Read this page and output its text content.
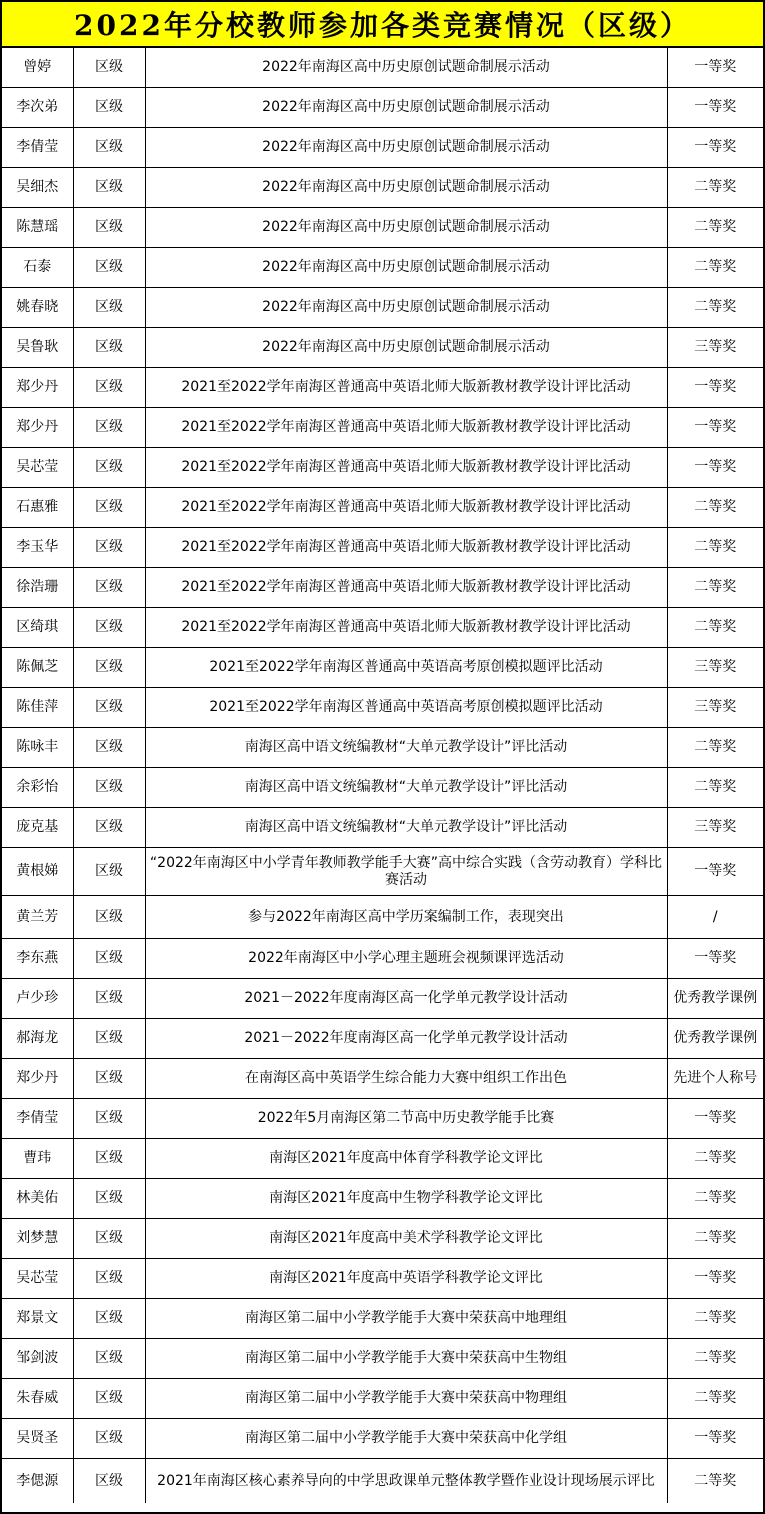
2022年分校教师参加各类竞赛情况（区级）
曾婷	区级	2022年南海区高中历史原创试题命制展示活动	一等奖
李次弟	区级	2022年南海区高中历史原创试题命制展示活动	一等奖
李倩莹	区级	2022年南海区高中历史原创试题命制展示活动	一等奖
吴细杰	区级	2022年南海区高中历史原创试题命制展示活动	二等奖
陈慧瑶	区级	2022年南海区高中历史原创试题命制展示活动	二等奖
石泰	区级	2022年南海区高中历史原创试题命制展示活动	二等奖
姚春晓	区级	2022年南海区高中历史原创试题命制展示活动	二等奖
吴鲁耿	区级	2022年南海区高中历史原创试题命制展示活动	三等奖
郑少丹	区级	2021至2022学年南海区普通高中英语北师大版新教材教学设计评比活动	一等奖
郑少丹	区级	2021至2022学年南海区普通高中英语北师大版新教材教学设计评比活动	一等奖
吴芯莹	区级	2021至2022学年南海区普通高中英语北师大版新教材教学设计评比活动	一等奖
石惠雅	区级	2021至2022学年南海区普通高中英语北师大版新教材教学设计评比活动	二等奖
李玉华	区级	2021至2022学年南海区普通高中英语北师大版新教材教学设计评比活动	二等奖
徐浩珊	区级	2021至2022学年南海区普通高中英语北师大版新教材教学设计评比活动	二等奖
区绮琪	区级	2021至2022学年南海区普通高中英语北师大版新教材教学设计评比活动	二等奖
陈佩芝	区级	2021至2022学年南海区普通高中英语高考原创模拟题评比活动	三等奖
陈佳萍	区级	2021至2022学年南海区普通高中英语高考原创模拟题评比活动	三等奖
陈咏丰	区级	南海区高中语文统编教材“大单元教学设计”评比活动	二等奖
余彩怡	区级	南海区高中语文统编教材“大单元教学设计”评比活动	二等奖
庞克基	区级	南海区高中语文统编教材“大单元教学设计”评比活动	三等奖
黄根娣	区级	“2022年南海区中小学青年教师教学能手大赛”高中综合实践（含劳动教育）学科比赛活动	一等奖
黄兰芳	区级	参与2022年南海区高中学历案编制工作，表现突出	/
李东燕	区级	2022年南海区中小学心理主题班会视频课评选活动	一等奖
卢少珍	区级	2021－2022年度南海区高一化学单元教学设计活动	优秀教学课例
郝海龙	区级	2021－2022年度南海区高一化学单元教学设计活动	优秀教学课例
郑少丹	区级	在南海区高中英语学生综合能力大赛中组织工作出色	先进个人称号
李倩莹	区级	2022年5月南海区第二节高中历史教学能手比赛	一等奖
曹玮	区级	南海区2021年度高中体育学科教学论文评比	二等奖
林美佑	区级	南海区2021年度高中生物学科教学论文评比	二等奖
刘梦慧	区级	南海区2021年度高中美术学科教学论文评比	二等奖
吴芯莹	区级	南海区2021年度高中英语学科教学论文评比	一等奖
郑景文	区级	南海区第二届中小学教学能手大赛中荣获高中地理组	二等奖
邹剑波	区级	南海区第二届中小学教学能手大赛中荣获高中生物组	二等奖
朱春威	区级	南海区第二届中小学教学能手大赛中荣获高中物理组	二等奖
吴贤圣	区级	南海区第二届中小学教学能手大赛中荣获高中化学组	一等奖
李偲源	区级	2021年南海区核心素养导向的中学思政课单元整体教学暨作业设计现场展示评比	二等奖
